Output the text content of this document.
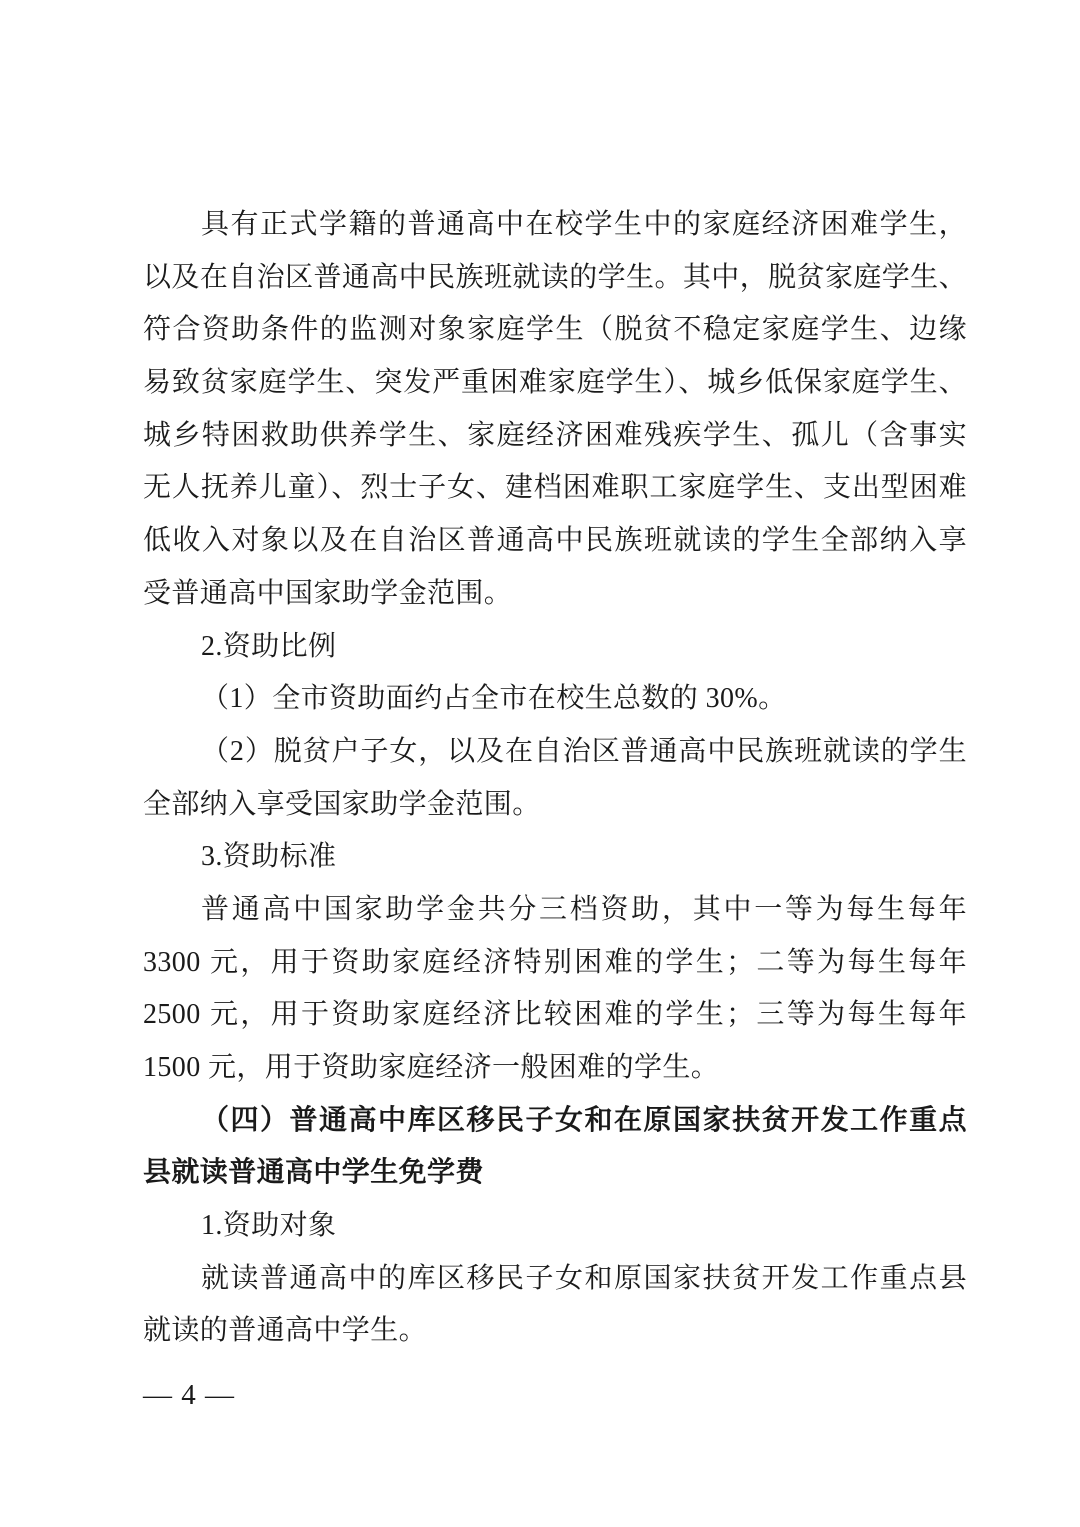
具有正式学籍的普通高中在校学生中的家庭经济困难学生，
以及在自治区普通高中民族班就读的学生。其中，脱贫家庭学生、
符合资助条件的监测对象家庭学生（脱贫不稳定家庭学生、边缘
易致贫家庭学生、突发严重困难家庭学生）、城乡低保家庭学生、
城乡特困救助供养学生、家庭经济困难残疾学生、孤儿（含事实
无人抚养儿童）、烈士子女、建档困难职工家庭学生、支出型困难
低收入对象以及在自治区普通高中民族班就读的学生全部纳入享
受普通高中国家助学金范围。
2.资助比例
（1）全市资助面约占全市在校生总数的 30%。
（2）脱贫户子女，以及在自治区普通高中民族班就读的学生
全部纳入享受国家助学金范围。
3.资助标准
普通高中国家助学金共分三档资助，其中一等为每生每年
3300 元，用于资助家庭经济特别困难的学生；二等为每生每年
2500 元，用于资助家庭经济比较困难的学生；三等为每生每年
1500 元，用于资助家庭经济一般困难的学生。
（四）普通高中库区移民子女和在原国家扶贫开发工作重点
县就读普通高中学生免学费
1.资助对象
就读普通高中的库区移民子女和原国家扶贫开发工作重点县
就读的普通高中学生。
— 4 —
